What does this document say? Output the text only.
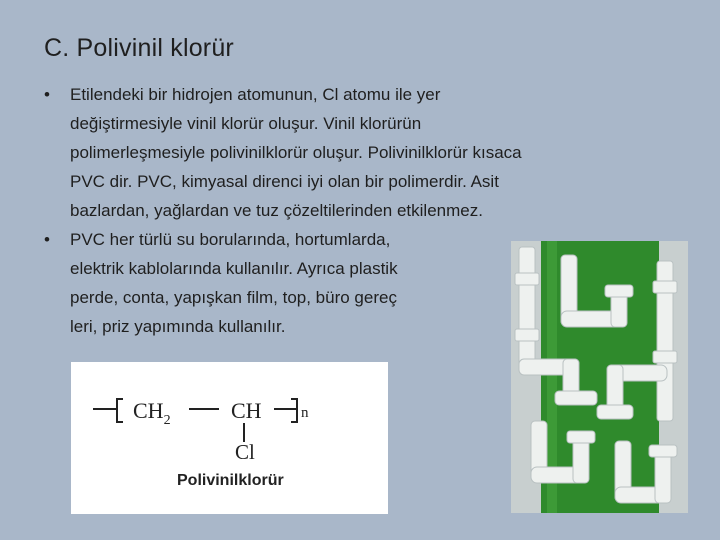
C. Polivinil klorür
• Etilendeki bir hidrojen atomunun, Cl atomu ile yer
değiştirmesiyle vinil klorür oluşur. Vinil klorürün
polimerleşmesiyle polivinilklorür oluşur. Polivinilklorür kısaca
PVC dir. PVC, kimyasal direnci iyi olan bir polimerdir. Asit
bazlardan, yağlardan ve tuz çözeltilerinden etkilenmez.
• PVC her türlü su borularında, hortumlarda,
elektrik kablolarında kullanılır. Ayrıca plastik
perde, conta, yapışkan film, top, büro gereç
leri, priz yapımında kullanılır.
$CH_2$	CH	n
Cl
Polivinilklorür
